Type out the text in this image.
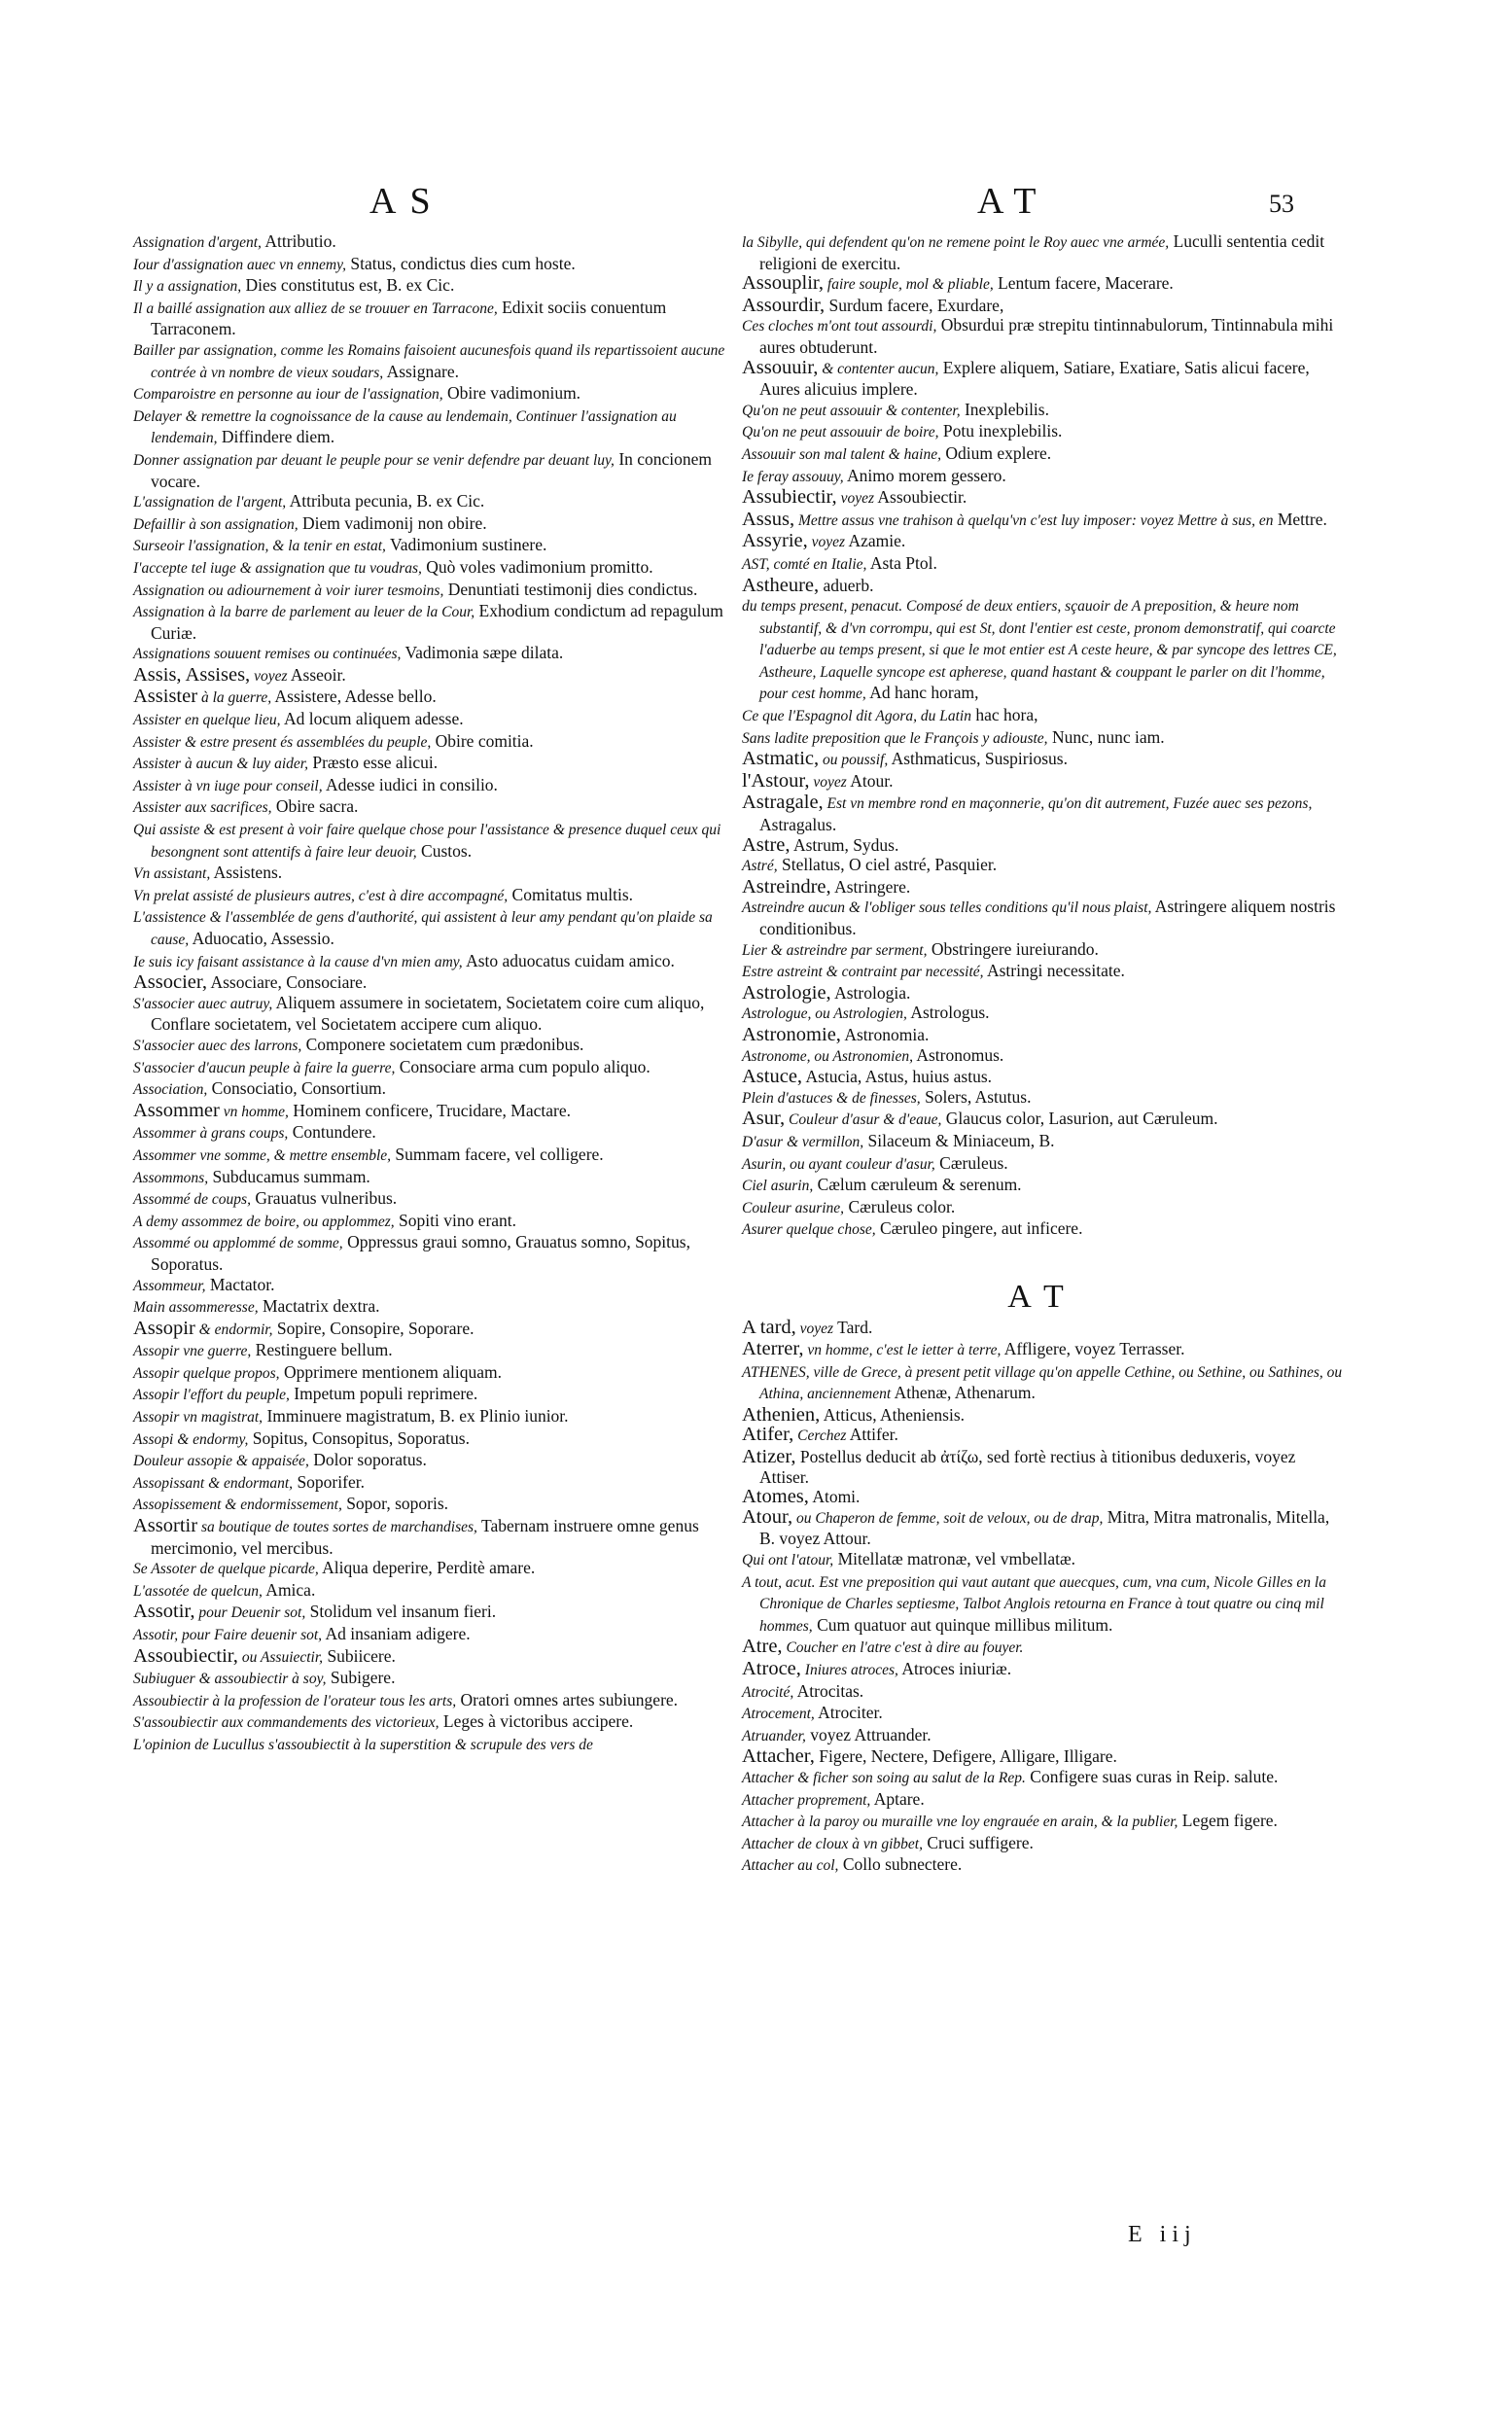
AS	AT	53

Assignation d'argent, Attributio.

Iour d'assignation auec vn ennemy, Status, condictus dies cum hoste.

Il y a assignation, Dies constitutus est, B. ex Cic.

Il a baillé assignation aux alliez de se trouuer en Tarracone, Edixit sociis conuentum Tarraconem.

Bailler par assignation, comme les Romains faisoient aucunesfois quand ils repartissoient aucune contrée à vn nombre de vieux soudars, Assignare.

Comparoistre en personne au iour de l'assignation, Obire vadimonium.

Delayer & remettre la cognoissance de la cause au lendemain, Continuer l'assignation au lendemain, Diffindere diem.

Donner assignation par deuant le peuple pour se venir defendre par deuant luy, In concionem vocare.

L'assignation de l'argent, Attributa pecunia, B. ex Cic.

Defaillir à son assignation, Diem vadimonij non obire.

Surseoir l'assignation, & la tenir en estat, Vadimonium sustinere.

I'accepte tel iuge & assignation que tu voudras, Quò voles vadimonium promitto.

Assignation ou adiournement à voir iurer tesmoins, Denuntiati testimonij dies condictus.

Assignation à la barre de parlement au leuer de la Cour, Exhodium condictum ad repagulum Curiæ.

Assignations souuent remises ou continuées, Vadimonia sæpe dilata.

Assis, Assises, voyez Asseoir.

Assister à la guerre, Assistere, Adesse bello.

Assister en quelque lieu, Ad locum aliquem adesse.

Assister & estre present és assemblées du peuple, Obire comitia.

Assister à aucun & luy aider, Præsto esse alicui.

Assister à vn iuge pour conseil, Adesse iudici in consilio.

Assister aux sacrifices, Obire sacra.

Qui assiste & est present à voir faire quelque chose pour l'assistance & presence duquel ceux qui besongnent sont attentifs à faire leur deuoir, Custos.

Vn assistant, Assistens.

Vn prelat assisté de plusieurs autres, c'est à dire accompagné, Comitatus multis.

L'assistence & l'assemblée de gens d'authorité, qui assistent à leur amy pendant qu'on plaide sa cause, Aduocatio, Assessio.

Ie suis icy faisant assistance à la cause d'vn mien amy, Asto aduocatus cuidam amico.

Associer, Associare, Consociare.

S'associer auec autruy, Aliquem assumere in societatem, Societatem coire cum aliquo, Conflare societatem, vel Societatem accipere cum aliquo.

S'associer auec des larrons, Componere societatem cum prædonibus.

S'associer d'aucun peuple à faire la guerre, Consociare arma cum populo aliquo.

Association, Consociatio, Consortium.

Assommer vn homme, Hominem conficere, Trucidare, Mactare.

Assommer à grans coups, Contundere.

Assommer vne somme, & mettre ensemble, Summam facere, vel colligere.

Assommons, Subducamus summam.

Assommé de coups, Grauatus vulneribus.

A demy assommez de boire, ou applommez, Sopiti vino erant.

Assommé ou applommé de somme, Oppressus graui somno, Grauatus somno, Sopitus, Soporatus.

Assommeur, Mactator.

Main assommeresse, Mactatrix dextra.

Assopir & endormir, Sopire, Consopire, Soporare.

Assopir vne guerre, Restinguere bellum.

Assopir quelque propos, Opprimere mentionem aliquam.

Assopir l'effort du peuple, Impetum populi reprimere.

Assopir vn magistrat, Imminuere magistratum, B. ex Plinio iunior.

Assopi & endormy, Sopitus, Consopitus, Soporatus.

Douleur assopie & appaisée, Dolor soporatus.

Assopissant & endormant, Soporifer.

Assopissement & endormissement, Sopor, soporis.

Assortir sa boutique de toutes sortes de marchandises, Tabernam instruere omne genus mercimonio, vel mercibus.

Se Assoter de quelque picarde, Aliqua deperire, Perditè amare.

L'assotée de quelcun, Amica.

Assotir, pour Deuenir sot, Stolidum vel insanum fieri.

Assotir, pour Faire deuenir sot, Ad insaniam adigere.

Assoubiectir, ou Assuiectir, Subiicere.

Subiuguer & assoubiectir à soy, Subigere.

Assoubiectir à la profession de l'orateur tous les arts, Oratori omnes artes subiungere.

S'assoubiectir aux commandements des victorieux, Leges à victoribus accipere.

L'opinion de Lucullus s'assoubiectit à la superstition & scrupule des vers de

la Sibylle, qui defendent qu'on ne remene point le Roy auec vne armée, Luculli sententia cedit religioni de exercitu.

Assouplir, faire souple, mol & pliable, Lentum facere, Macerare.

Assourdir, Surdum facere, Exurdare,

Ces cloches m'ont tout assourdi, Obsurdui præ strepitu tintinnabulorum, Tintinnabula mihi aures obtuderunt.

Assouuir, & contenter aucun, Explere aliquem, Satiare, Exatiare, Satis alicui facere, Aures alicuius implere.

Qu'on ne peut assouuir & contenter, Inexplebilis.

Qu'on ne peut assouuir de boire, Potu inexplebilis.

Assouuir son mal talent & haine, Odium explere.

Ie feray assouuy, Animo morem gessero.

Assubiectir, voyez Assoubiectir.

Assus, Mettre assus vne trahison à quelqu'vn c'est luy imposer: voyez Mettre à sus, en Mettre.

Assyrie, voyez Azamie.

AST, comté en Italie, Asta Ptol.

Astheure, aduerb.

du temps present, penacut. Composé de deux entiers, sçauoir de A preposition, & heure nom substantif, & d'vn corrompu, qui est St, dont l'entier est ceste, pronom demonstratif, qui coarcte l'aduerbe au temps present, si que le mot entier est A ceste heure, & par syncope des lettres CE, Astheure, Laquelle syncope est apherese, quand hastant & couppant le parler on dit l'homme, pour cest homme, Ad hanc horam,

Ce que l'Espagnol dit Agora, du Latin hac hora,

Sans ladite preposition que le François y adiouste, Nunc, nunc iam.

Astmatic, ou poussif, Asthmaticus, Suspiriosus.

l'Astour, voyez Atour.

Astragale, Est vn membre rond en maçonnerie, qu'on dit autrement, Fuzée auec ses pezons, Astragalus.

Astre, Astrum, Sydus.

Astré, Stellatus, O ciel astré, Pasquier.

Astreindre, Astringere.

Astreindre aucun & l'obliger sous telles conditions qu'il nous plaist, Astringere aliquem nostris conditionibus.

Lier & astreindre par serment, Obstringere iureiurando.

Estre astreint & contraint par necessité, Astringi necessitate.

Astrologie, Astrologia.

Astrologue, ou Astrologien, Astrologus.

Astronomie, Astronomia.

Astronome, ou Astronomien, Astronomus.

Astuce, Astucia, Astus, huius astus.

Plein d'astuces & de finesses, Solers, Astutus.

Asur, Couleur d'asur & d'eaue, Glaucus color, Lasurion, aut Cæruleum.

D'asur & vermillon, Silaceum & Miniaceum, B.

Asurin, ou ayant couleur d'asur, Cæruleus.

Ciel asurin, Cælum cæruleum & serenum.

Couleur asurine, Cæruleus color.

Asurer quelque chose, Cæruleo pingere, aut inficere.

AT

A tard, voyez Tard.

Aterrer, vn homme, c'est le ietter à terre, Affligere, voyez Terrasser.

ATHENES, ville de Grece, à present petit village qu'on appelle Cethine, ou Sethine, ou Sathines, ou Athina, anciennement Athenæ, Athenarum.

Athenien, Atticus, Atheniensis.

Atifer, Cerchez Attifer.

Atizer, Postellus deducit ab ἀτίζω, sed fortè rectius à titionibus deduxeris, voyez Attiser.

Atomes, Atomi.

Atour, ou Chaperon de femme, soit de veloux, ou de drap, Mitra, Mitra matronalis, Mitella, B. voyez Attour.

Qui ont l'atour, Mitellatæ matronæ, vel vmbellatæ.

A tout, acut. Est vne preposition qui vaut autant que auecques, cum, vna cum, Nicole Gilles en la Chronique de Charles septiesme, Talbot Anglois retourna en France à tout quatre ou cinq mil hommes, Cum quatuor aut quinque millibus militum.

Atre, Coucher en l'atre c'est à dire au fouyer.

Atroce, Iniures atroces, Atroces iniuriæ.

Atrocité, Atrocitas.

Atrocement, Atrociter.

Atruander, voyez Attruander.

Attacher, Figere, Nectere, Defigere, Alligare, Illigare.

Attacher & ficher son soing au salut de la Rep. Configere suas curas in Reip. salute.

Attacher proprement, Aptare.

Attacher à la paroy ou muraille vne loy engrauée en arain, & la publier, Legem figere.

Attacher de cloux à vn gibbet, Cruci suffigere.

Attacher au col, Collo subnectere.

E iij
